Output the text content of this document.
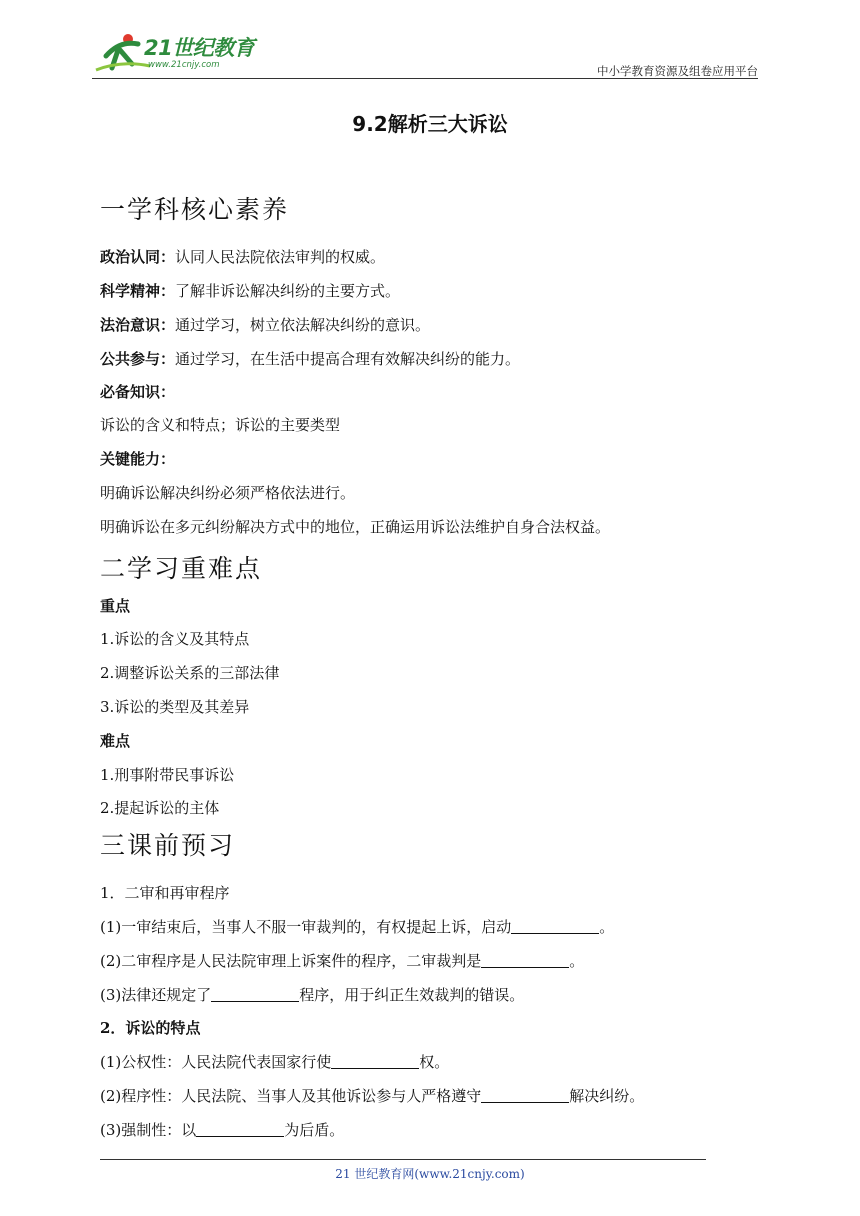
21世纪教育
www.21cnjy.com	中小学教育资源及组卷应用平台
9.2解析三大诉讼
一学科核心素养
政治认同：认同人民法院依法审判的权威。
科学精神：了解非诉讼解决纠纷的主要方式。
法治意识：通过学习，树立依法解决纠纷的意识。
公共参与：通过学习，在生活中提高合理有效解决纠纷的能力。
必备知识：
诉讼的含义和特点；诉讼的主要类型
关键能力：
明确诉讼解决纠纷必须严格依法进行。
明确诉讼在多元纠纷解决方式中的地位，正确运用诉讼法维护自身合法权益。
二学习重难点
重点
1.诉讼的含义及其特点
2.调整诉讼关系的三部法律
3.诉讼的类型及其差异
难点
1.刑事附带民事诉讼
2.提起诉讼的主体
三课前预习
1．二审和再审程序
(1)一审结束后，当事人不服一审裁判的，有权提起上诉，启动	。
(2)二审程序是人民法院审理上诉案件的程序，二审裁判是	。
(3)法律还规定了	程序，用于纠正生效裁判的错误。
2．诉讼的特点
(1)公权性：人民法院代表国家行使	权。
(2)程序性：人民法院、当事人及其他诉讼参与人严格遵守	解决纠纷。
(3)强制性：以	为后盾。
21 世纪教育网(www.21cnjy.com)
